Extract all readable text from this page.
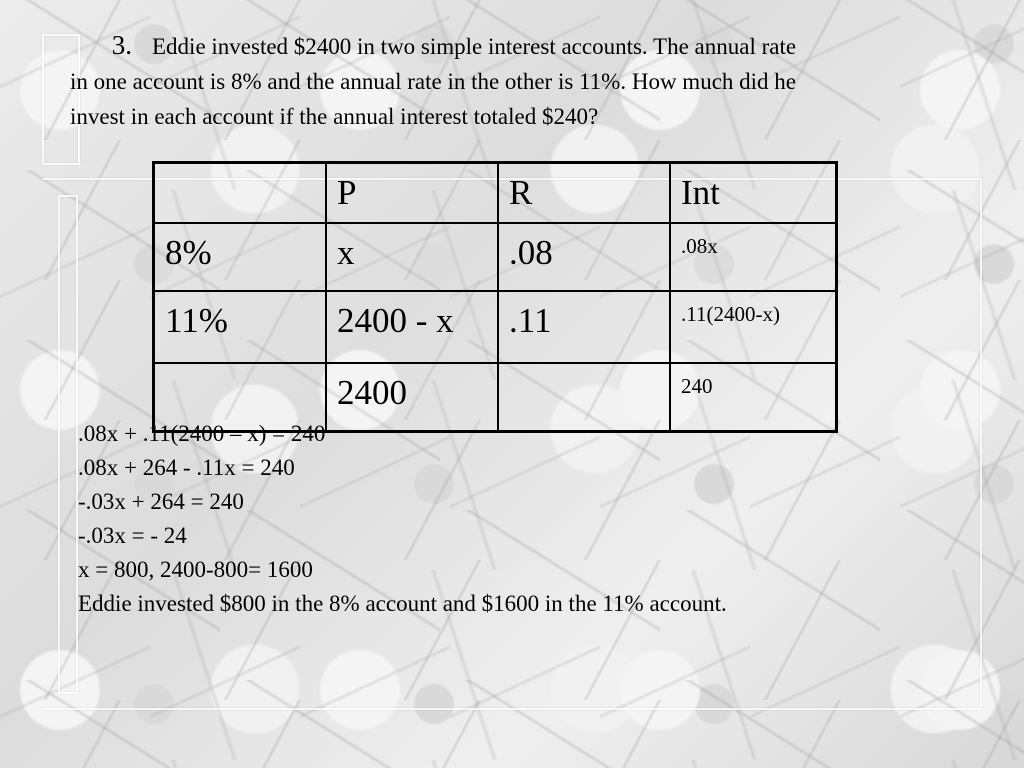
3. Eddie invested $2400 in two simple interest accounts. The annual rate
in one account is 8% and the annual rate in the other is 11%. How much did he
invest in each account if the annual interest totaled $240?
	P	R	Int
8%	x	.08	.08x
11%	2400 - x	.11	.11(2400-x)
	2400		240
.08x + .11(2400 – x) = 240
.08x + 264 - .11x = 240
-.03x + 264 = 240
-.03x = - 24
x = 800, 2400-800= 1600
Eddie invested $800 in the 8% account and $1600 in the 11% account.
